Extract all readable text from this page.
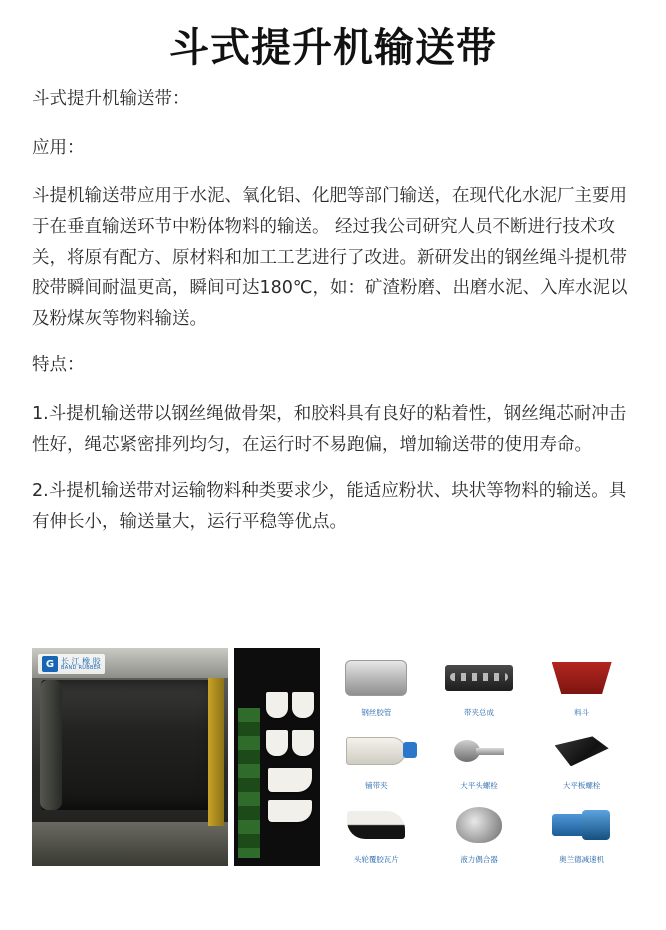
斗式提升机输送带

斗式提升机输送带：

应用：

斗提机输送带应用于水泥、氧化铝、化肥等部门输送，在现代化水泥厂主要用于在垂直输送环节中粉体物料的输送。 经过我公司研究人员不断进行技术攻关，将原有配方、原材料和加工工艺进行了改进。新研发出的钢丝绳斗提机带胶带瞬间耐温更高，瞬间可达180℃，如：矿渣粉磨、出磨水泥、入库水泥以及粉煤灰等物料输送。

特点：

1.斗提机输送带以钢丝绳做骨架，和胶料具有良好的粘着性，钢丝绳芯耐冲击性好，绳芯紧密排列均匀，在运行时不易跑偏，增加输送带的使用寿命。

2.斗提机输送带对运输物料种类要求少，能适应粉状、块状等物料的输送。具有伸长小，输送量大，运行平稳等优点。

G 长 江 橡 胶
BAND RUBBER
钢丝胶管	带夹总成	料斗
铺带夹	大平头螺栓	大平板螺栓
头轮覆胶瓦片	液力偶合器	奥兰德减速机
